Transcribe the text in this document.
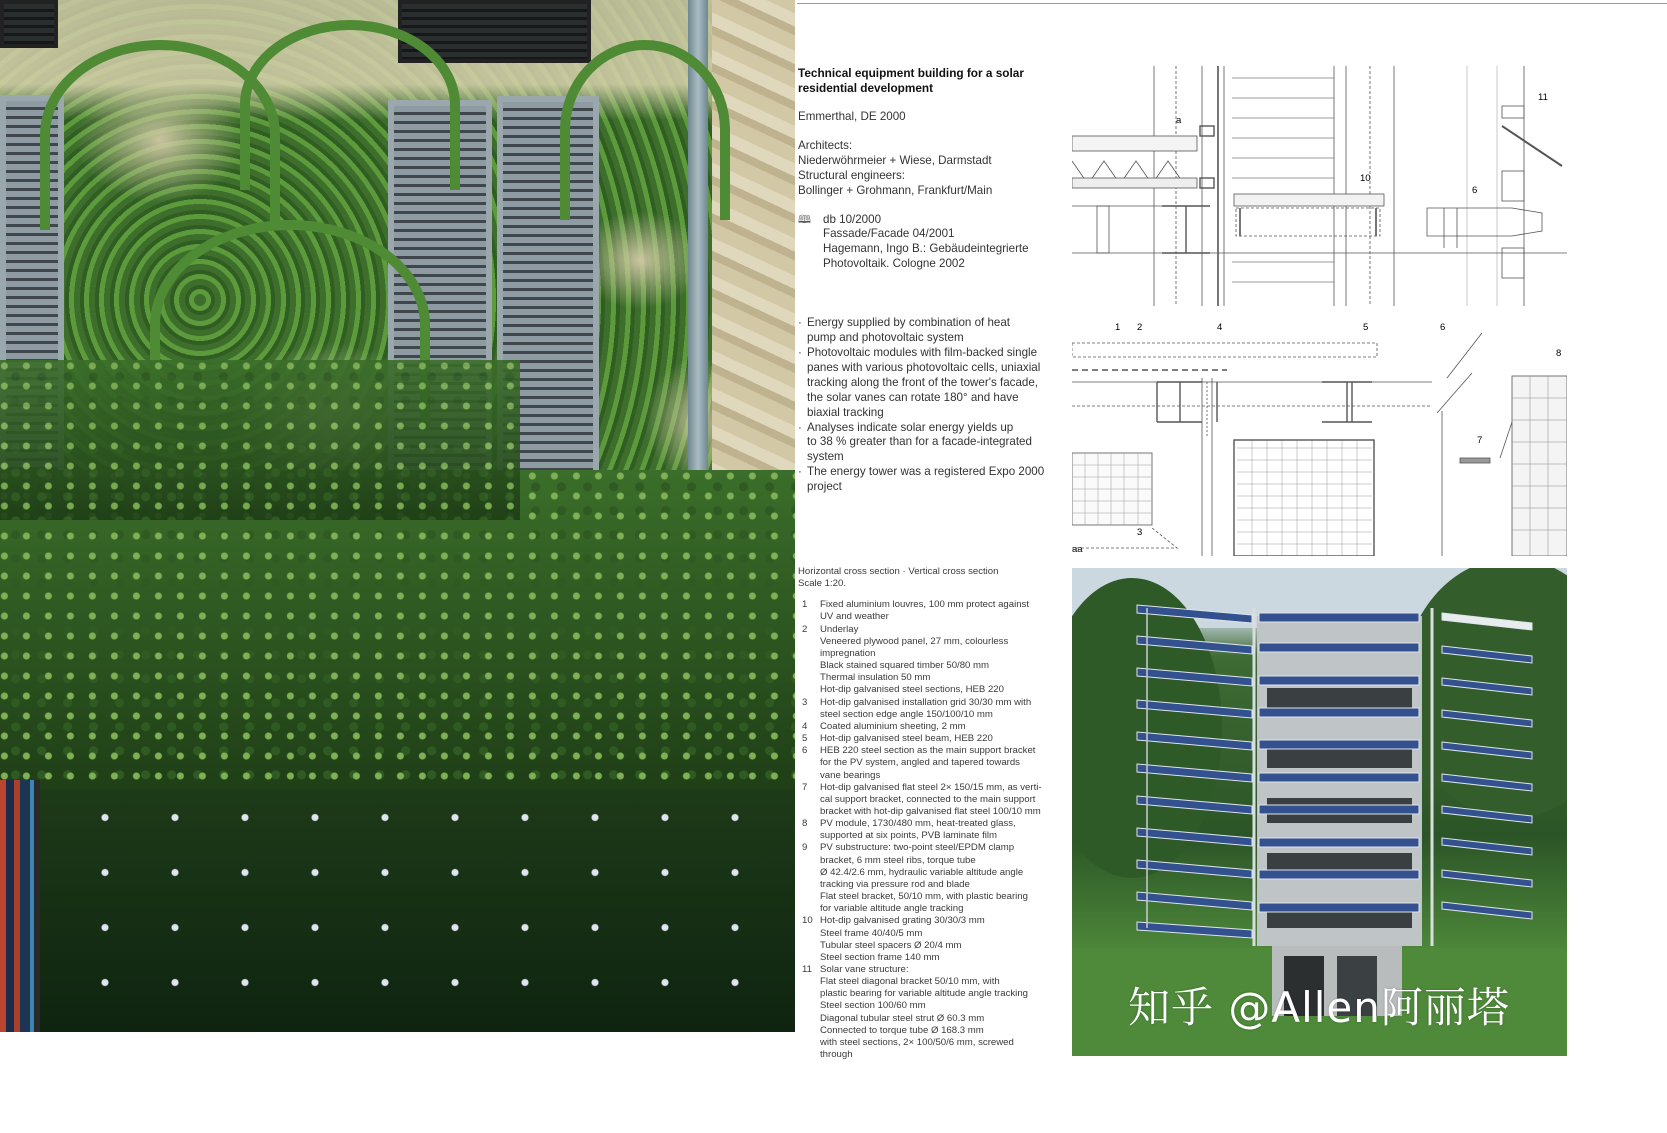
Technical equipment building for a solar residential development
Emmerthal, DE 2000
Architects:
Niederwöhrmeier + Wiese, Darmstadt
Structural engineers:
Bollinger + Grohmann, Frankfurt/Main
🕮	db 10/2000
Fassade/Facade 04/2001
Hagemann, Ingo B.: Gebäudeintegrierte
Photovoltaik. Cologne 2002
· Energy supplied by combination of heat
pump and photovoltaic system
· Photovoltaic modules with film-backed single
panes with various photovoltaic cells, uniaxial
tracking along the front of the tower's facade,
the solar vanes can rotate 180° and have
biaxial tracking
· Analyses indicate solar energy yields up
to 38 % greater than for a facade-integrated
system
· The energy tower was a registered Expo 2000
project
Horizontal cross section · Vertical cross section
Scale 1:20.
1	Fixed aluminium louvres, 100 mm protect against
UV and weather
2	Underlay
Veneered plywood panel, 27 mm, colourless
impregnation
Black stained squared timber 50/80 mm
Thermal insulation 50 mm
Hot-dip galvanised steel sections, HEB 220
3	Hot-dip galvanised installation grid 30/30 mm with
steel section edge angle 150/100/10 mm
4	Coated aluminium sheeting, 2 mm
5	Hot-dip galvanised steel beam, HEB 220
6	HEB 220 steel section as the main support bracket
for the PV system, angled and tapered towards
vane bearings
7	Hot-dip galvanised flat steel 2× 150/15 mm, as verti-
cal support bracket, connected to the main support
bracket with hot-dip galvanised flat steel 100/10 mm
8	PV module, 1730/480 mm, heat-treated glass,
supported at six points, PVB laminate film
9	PV substructure: two-point steel/EPDM clamp
bracket, 6 mm steel ribs, torque tube
Ø 42.4/2.6 mm, hydraulic variable altitude angle
tracking via pressure rod and blade
Flat steel bracket, 50/10 mm, with plastic bearing
for variable altitude angle tracking
10 Hot-dip galvanised grating 30/30/3 mm
Steel frame 40/40/5 mm
Tubular steel spacers Ø 20/4 mm
Steel section frame 140 mm
11 Solar vane structure:
Flat steel diagonal bracket 50/10 mm, with
plastic bearing for variable altitude angle tracking
Steel section 100/60 mm
Diagonal tubular steel strut Ø 60.3 mm
Connected to torque tube Ø 168.3 mm
with steel sections, 2× 100/50/6 mm, screwed
through
a
10
6
11
1 2	4	5	6
8
7
3
aa
知乎 @Allen阿丽塔
